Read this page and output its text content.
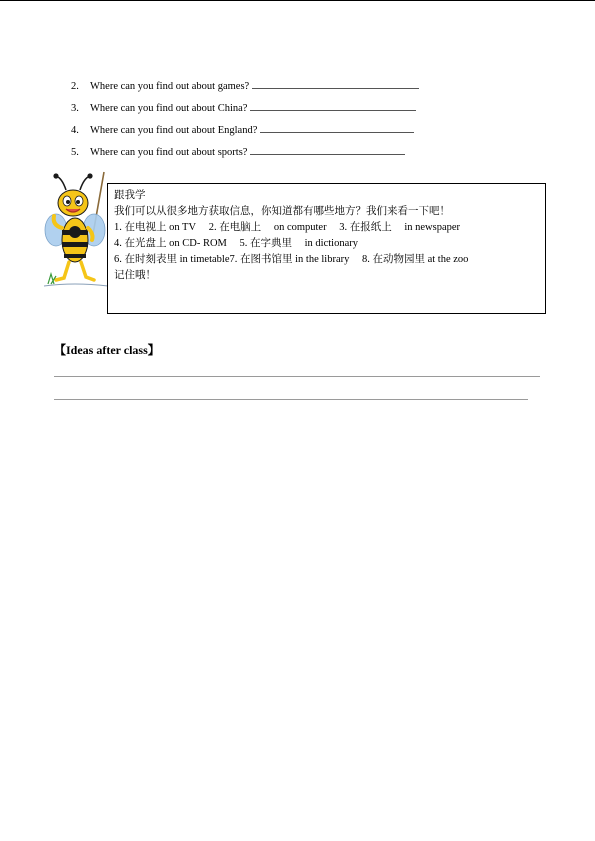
2. Where can you find out about games?
3. Where can you find out about China?
4. Where can you find out about England?
5. Where can you find out about sports?
跟我学
我们可以从很多地方获取信息，你知道都有哪些地方？我们来看一下吧！
1. 在电视上 on TV 2. 在电脑上 on computer 3. 在报纸上 in newspaper
4. 在光盘上 on CD- ROM 5. 在字典里 in dictionary
6. 在时刻表里 in timetable7. 在图书馆里 in the library 8. 在动物园里 at the zoo
记住哦！
【Ideas after class】
